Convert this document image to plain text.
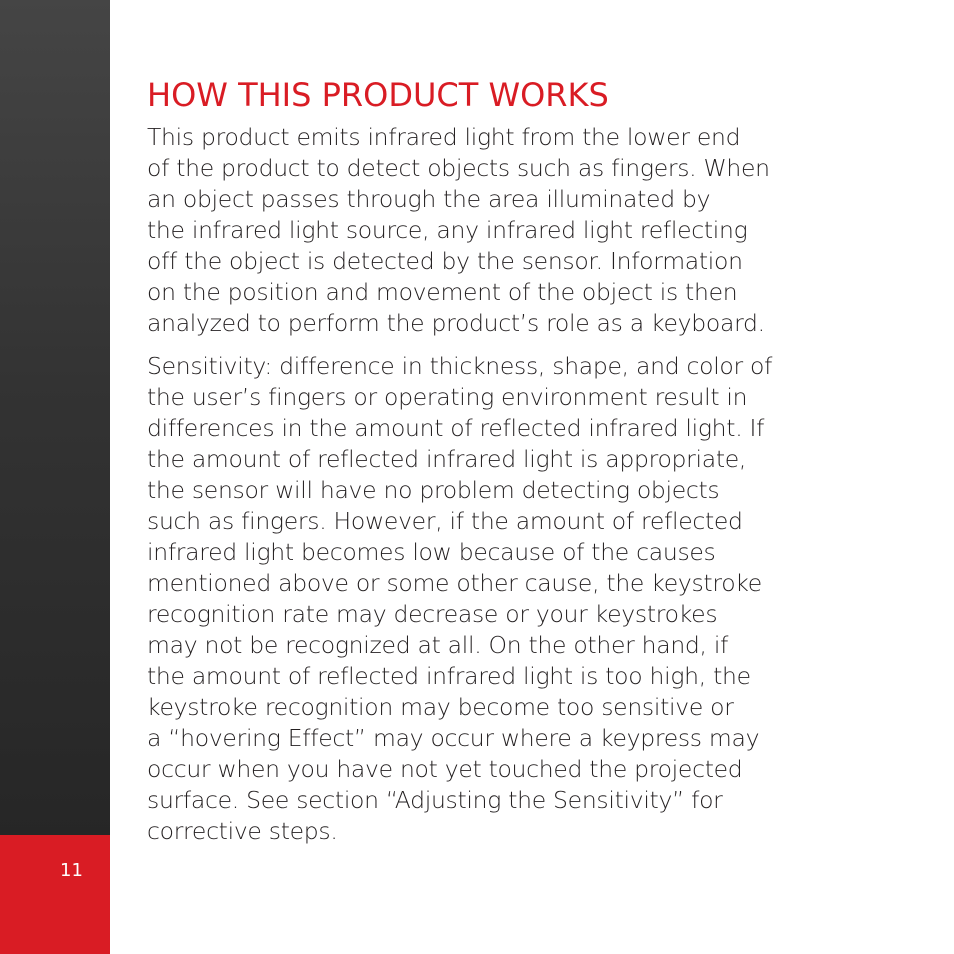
11
HOW THIS PRODUCT WORKS

This product emits infrared light from the lower end
of the product to detect objects such as fingers. When
an object passes through the area illuminated by
the infrared light source, any infrared light reflecting
off the object is detected by the sensor. Information
on the position and movement of the object is then
analyzed to perform the product’s role as a keyboard.

Sensitivity: difference in thickness, shape, and color of
the user’s fingers or operating environment result in
differences in the amount of reflected infrared light. If
the amount of reflected infrared light is appropriate,
the sensor will have no problem detecting objects
such as fingers. However, if the amount of reflected
infrared light becomes low because of the causes
mentioned above or some other cause, the keystroke
recognition rate may decrease or your keystrokes
may not be recognized at all. On the other hand, if
the amount of reflected infrared light is too high, the
keystroke recognition may become too sensitive or
a “hovering Effect” may occur where a keypress may
occur when you have not yet touched the projected
surface. See section “Adjusting the Sensitivity” for
corrective steps.
